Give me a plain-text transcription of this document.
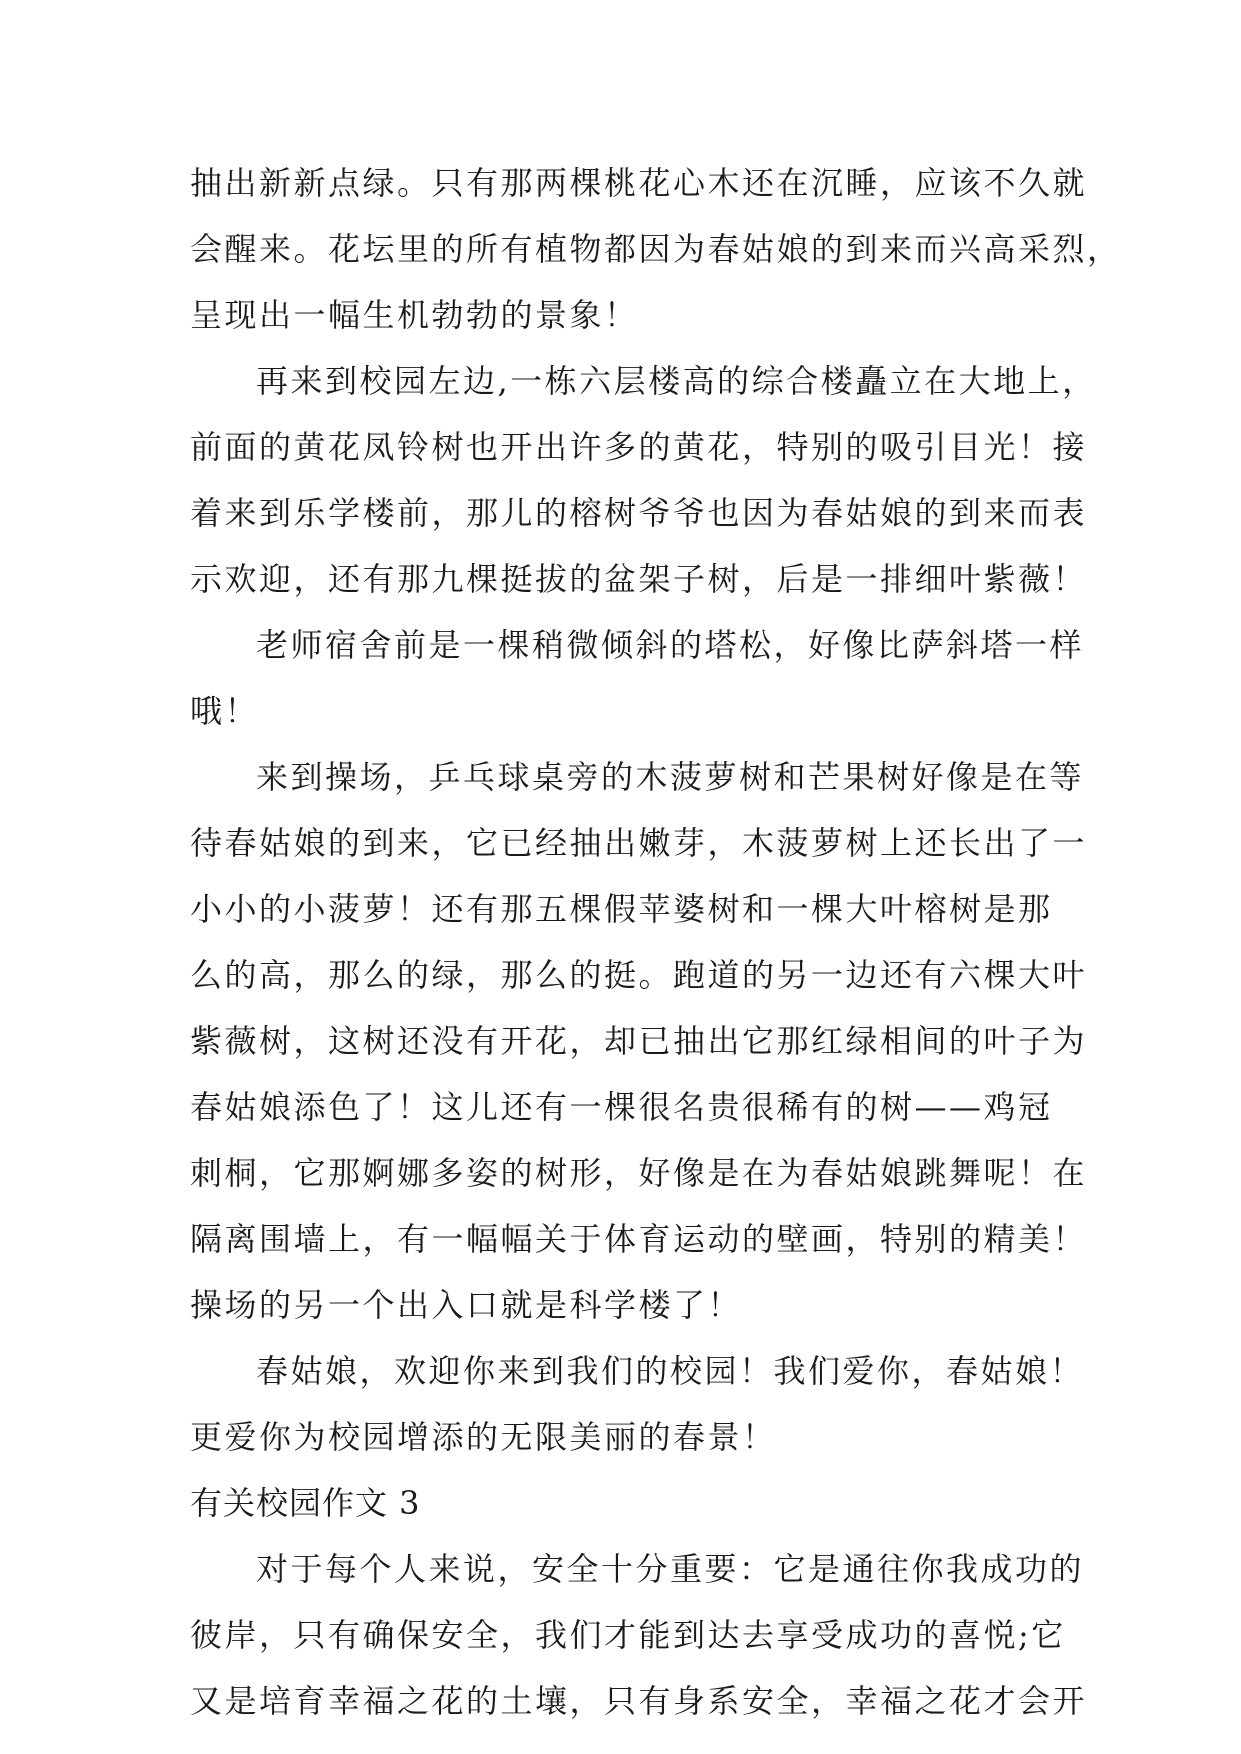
抽出新新点绿。只有那两棵桃花心木还在沉睡，应该不久就
会醒来。花坛里的所有植物都因为春姑娘的到来而兴高采烈，
呈现出一幅生机勃勃的景象！
再来到校园左边,一栋六层楼高的综合楼矗立在大地上，
前面的黄花凤铃树也开出许多的黄花，特别的吸引目光！接
着来到乐学楼前，那儿的榕树爷爷也因为春姑娘的到来而表
示欢迎，还有那九棵挺拔的盆架子树，后是一排细叶紫薇！
老师宿舍前是一棵稍微倾斜的塔松，好像比萨斜塔一样
哦！
来到操场，乒乓球桌旁的木菠萝树和芒果树好像是在等
待春姑娘的到来，它已经抽出嫩芽，木菠萝树上还长出了一
小小的小菠萝！还有那五棵假苹婆树和一棵大叶榕树是那
么的高，那么的绿，那么的挺。跑道的另一边还有六棵大叶
紫薇树，这树还没有开花，却已抽出它那红绿相间的叶子为
春姑娘添色了！这儿还有一棵很名贵很稀有的树——鸡冠
刺桐，它那婀娜多姿的树形，好像是在为春姑娘跳舞呢！在
隔离围墙上，有一幅幅关于体育运动的壁画，特别的精美！
操场的另一个出入口就是科学楼了！
春姑娘，欢迎你来到我们的校园！我们爱你，春姑娘！
更爱你为校园增添的无限美丽的春景！
有关校园作文 3
对于每个人来说，安全十分重要：它是通往你我成功的
彼岸，只有确保安全，我们才能到达去享受成功的喜悦;它
又是培育幸福之花的土壤，只有身系安全，幸福之花才会开
